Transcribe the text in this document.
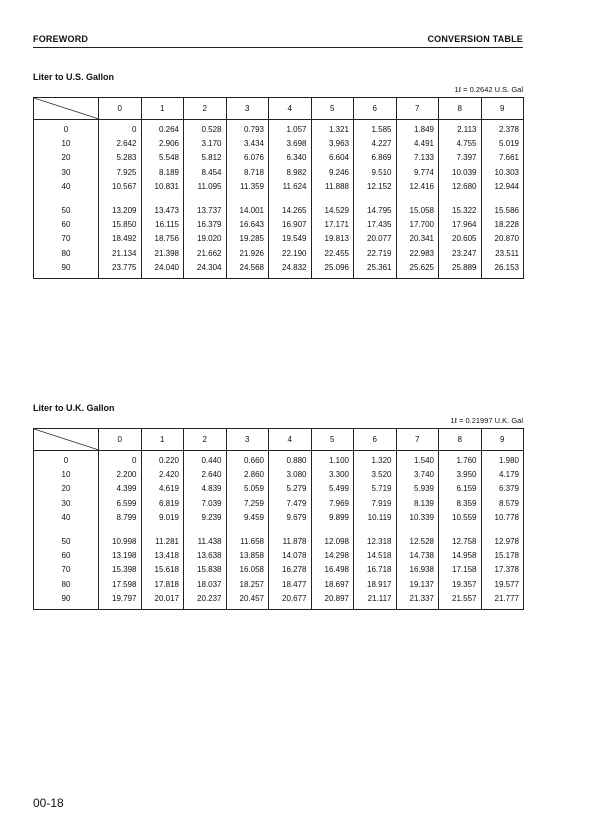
FOREWORD	CONVERSION TABLE
Liter to U.S. Gallon
1ℓ = 0.2642 U.S. Gal
	0	1	2	3	4	5	6	7	8	9
0	0	0.264	0.528	0.793	1.057	1.321	1.585	1.849	2.113	2.378
10	2.642	2.906	3.170	3.434	3.698	3.963	4.227	4.491	4.755	5.019
20	5.283	5.548	5.812	6.076	6.340	6.604	6.869	7.133	7.397	7.661
30	7.925	8.189	8.454	8.718	8.982	9.246	9.510	9.774	10.039	10.303
40	10.567	10.831	11.095	11.359	11.624	11.888	12.152	12.416	12.680	12.944

50	13.209	13.473	13.737	14.001	14.265	14.529	14.795	15.058	15.322	15.586
60	15.850	16.115	16.379	16.643	16.907	17.171	17.435	17.700	17.964	18.228
70	18.492	18.756	19.020	19.285	19.549	19.813	20.077	20.341	20.605	20.870
80	21.134	21.398	21.662	21.926	22.190	22.455	22.719	22.983	23.247	23.511
90	23.775	24.040	24.304	24.568	24.832	25.096	25.361	25.625	25.889	26.153
Liter to U.K. Gallon
1ℓ = 0.21997 U.K. Gal
	0	1	2	3	4	5	6	7	8	9
0	0	0.220	0.440	0.660	0.880	1.100	1.320	1.540	1.760	1.980
10	2.200	2.420	2.640	2.860	3.080	3.300	3.520	3.740	3.950	4.179
20	4.399	4.619	4.839	5.059	5.279	5.499	5.719	5.939	6.159	6.379
30	6.599	6.819	7.039	7.259	7.479	7.969	7.919	8.139	8.359	8.579
40	8.799	9.019	9.239	9.459	9.679	9.899	10.119	10.339	10.559	10.778

50	10.998	11.281	11.438	11.658	11.878	12.098	12.318	12.528	12.758	12.978
60	13.198	13.418	13.638	13.858	14.078	14.298	14.518	14.738	14.958	15.178
70	15.398	15.618	15.838	16.058	16.278	16.498	16.718	16.938	17.158	17.378
80	17.598	17.818	18.037	18.257	18.477	18.697	18.917	19.137	19.357	19.577
90	19.797	20.017	20.237	20.457	20.677	20.897	21.117	21.337	21.557	21.777
00-18
